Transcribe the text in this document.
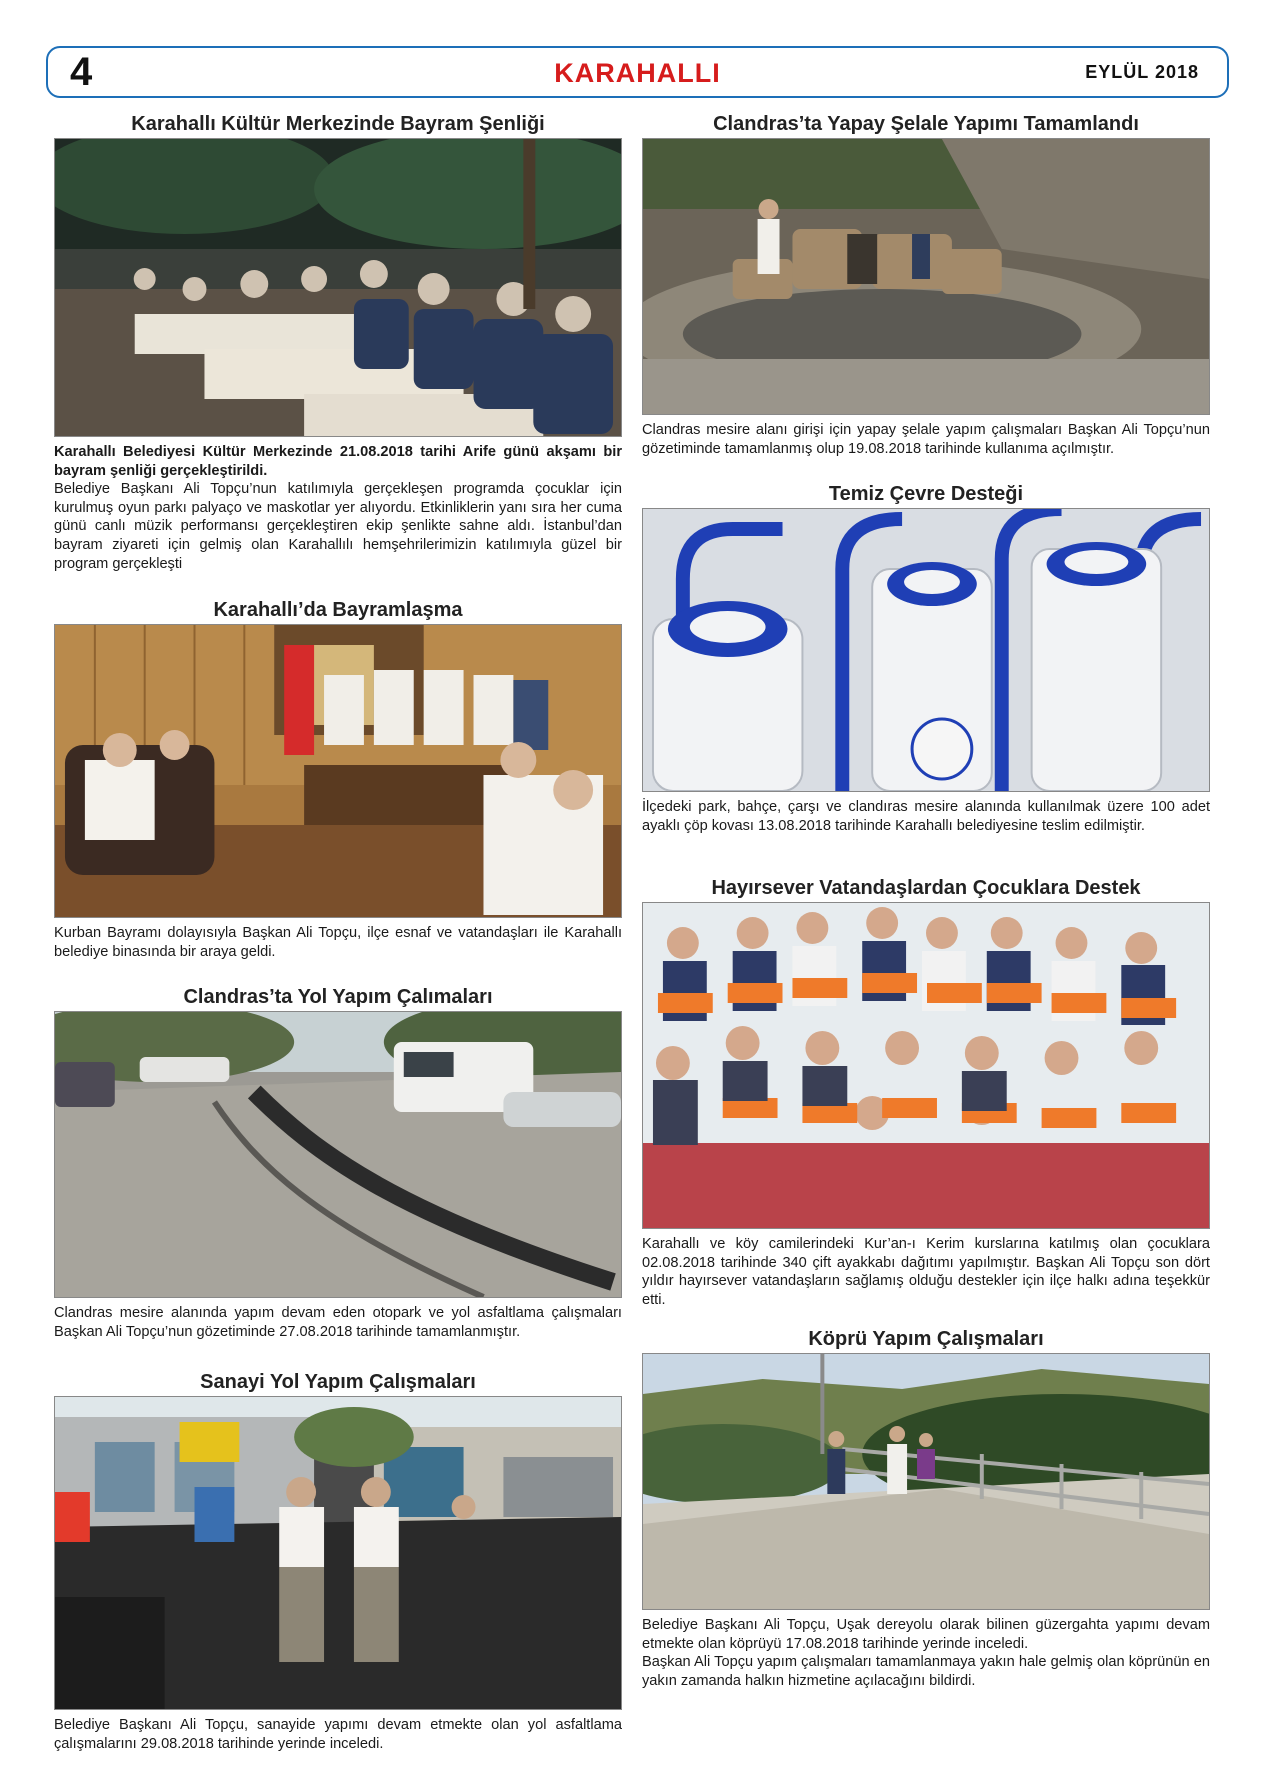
4	KARAHALLI	EYLÜL 2018
Karahallı Kültür Merkezinde Bayram Şenliği

Karahallı Belediyesi Kültür Merkezinde 21.08.2018 tarihi Arife günü akşamı bir bayram şenliği gerçekleştirildi.

Belediye Başkanı Ali Topçu’nun katılımıyla gerçekleşen programda çocuklar için kurulmuş oyun parkı palyaço ve maskotlar yer alıyordu. Etkinliklerin yanı sıra her cuma günü canlı müzik performansı gerçekleştiren ekip şenlikte sahne aldı. İstanbul’dan bayram ziyareti için gelmiş olan Karahallılı hemşehrilerimizin katılımıyla güzel bir program gerçekleşti

Karahallı’da Bayramlaşma

Kurban Bayramı dolayısıyla Başkan Ali Topçu, ilçe esnaf ve vatandaşları ile Karahallı belediye binasında bir araya geldi.

Clandras’ta Yol Yapım Çalımaları

Clandras mesire alanında yapım devam eden otopark ve yol asfaltlama çalışmaları Başkan Ali Topçu’nun gözetiminde 27.08.2018 tarihinde tamamlanmıştır.

Sanayi Yol Yapım Çalışmaları

Belediye Başkanı Ali Topçu, sanayide yapımı devam etmekte olan yol asfaltlama çalışmalarını 29.08.2018 tarihinde yerinde inceledi.

Clandras’ta Yapay Şelale Yapımı Tamamlandı

Clandras mesire alanı girişi için yapay şelale yapım çalışmaları Başkan Ali Topçu’nun gözetiminde tamamlanmış olup 19.08.2018 tarihinde kullanıma açılmıştır.

Temiz Çevre Desteği

İlçedeki park, bahçe, çarşı ve clandıras mesire alanında kullanılmak üzere 100 adet ayaklı çöp kovası 13.08.2018 tarihinde Karahallı belediyesine teslim edilmiştir.

Hayırsever Vatandaşlardan Çocuklara Destek

Karahallı ve köy camilerindeki Kur’an-ı Kerim kurslarına katılmış olan çocuklara 02.08.2018 tarihinde 340 çift ayakkabı dağıtımı yapılmıştır. Başkan Ali Topçu son dört yıldır hayırsever vatandaşların sağlamış olduğu destekler için ilçe halkı adına teşekkür etti.

Köprü Yapım Çalışmaları

Belediye Başkanı Ali Topçu, Uşak dereyolu olarak bilinen güzergahta yapımı devam etmekte olan köprüyü 17.08.2018 tarihinde yerinde inceledi.

Başkan Ali Topçu yapım çalışmaları tamamlanmaya yakın hale gelmiş olan köprünün en yakın zamanda halkın hizmetine açılacağını bildirdi.
